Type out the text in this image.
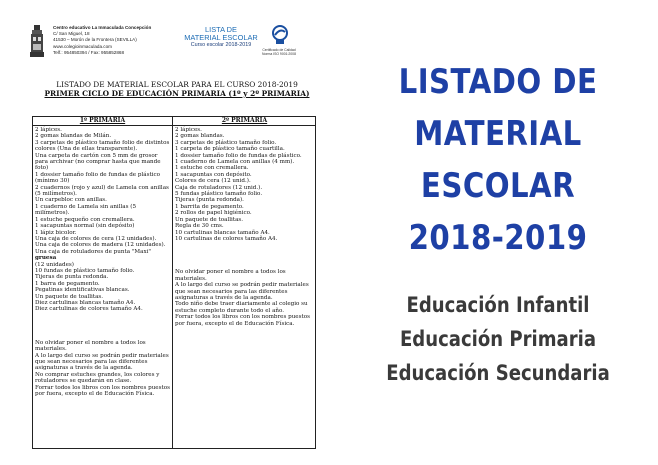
Centro educativo La Inmaculada Concepción
C/ San Miguel, 18
41530 – Morón de la Frontera (SEVILLA)
www.colegioinmaculada.com
Telf.: 954850394 / Fax: 955852868
LISTA DE
MATERIAL ESCOLAR
Curso escolar 2018-2019
Certificado de Calidad
Norma ISO 9001:2008
LISTADO DE MATERIAL ESCOLAR PARA EL CURSO 2018-2019
PRIMER CICLO DE EDUCACIÓN PRIMARIA (1º y 2º PRIMARIA)
1º PRIMARIA	2º PRIMARIA
2 lápices.
2 gomas blandas de Milán.
3 carpetas de plástico tamaño folio de distintos colores (Una de ellas transparente).
Una carpeta de cartón con 5 mm de grosor para archivar (no comprar hasta que mande foto)
1 dossier tamaño folio de fundas de plástico (mínimo 30)
2 cuadernos (rojo y azul) de Lamela con anillas (5 milímetros).
Un carpebloc con anillas.
1 cuaderno de Lamela sin anillas (5 milímetros).
1 estuche pequeño con cremallera.
1 sacapuntas normal (sin depósito)
1 lápiz bicolor.
Una caja de colores de cera (12 unidades).
Una caja de colores de madera (12 unidades).
Una caja de rotuladores de punta "Maxi" gruesa
(12 unidades)
10 fundas de plástico tamaño folio.
Tijeras de punta redonda.
1 barra de pegamento.
Pegatinas identificativas blancas.
Un paquete de toallitas.
Diez cartulinas blancas tamaño A4.
Diez cartulinas de colores tamaño A4.
No olvidar poner el nombre a todos los materiales.
A lo largo del curso se podrán pedir materiales que sean necesarios para las diferentes asignaturas a través de la agenda.
No comprar estuches grandes, los colores y rotuladores se quedarán en clase.
Forrar todos los libros con los nombres puestos por fuera, excepto el de Educación Física.
2 lápices.
2 gomas blandas.
3 carpetas de plástico tamaño folio.
1 carpeta de plástico tamaño cuartilla.
1 dossier tamaño folio de fundas de plástico.
1 cuaderno de Lamela con anillas (4 mm).
1 estuche con cremallera.
1 sacapuntas con depósito.
Colores de cera (12 unid.).
Caja de rotuladores (12 unid.).
5 fundas plástico tamaño folio.
Tijeras (punta redonda).
1 barrita de pegamento.
2 rollos de papel higiénico.
Un paquete de toallitas.
Regla de 30 cms.
10 cartulinas blancas tamaño A4.
10 cartulinas de colores tamaño A4.
No olvidar poner el nombre a todos los materiales.
A lo largo del curso se podrán pedir materiales que sean necesarios para las diferentes asignaturas a través de la agenda.
Todo niño debe traer diariamente al colegio su estuche completo durante todo el año.
Forrar todos los libros con los nombres puestos por fuera, excepto el de Educación Física.
LISTADO DE
MATERIAL
ESCOLAR
2018-2019
Educación Infantil
Educación Primaria
Educación Secundaria
